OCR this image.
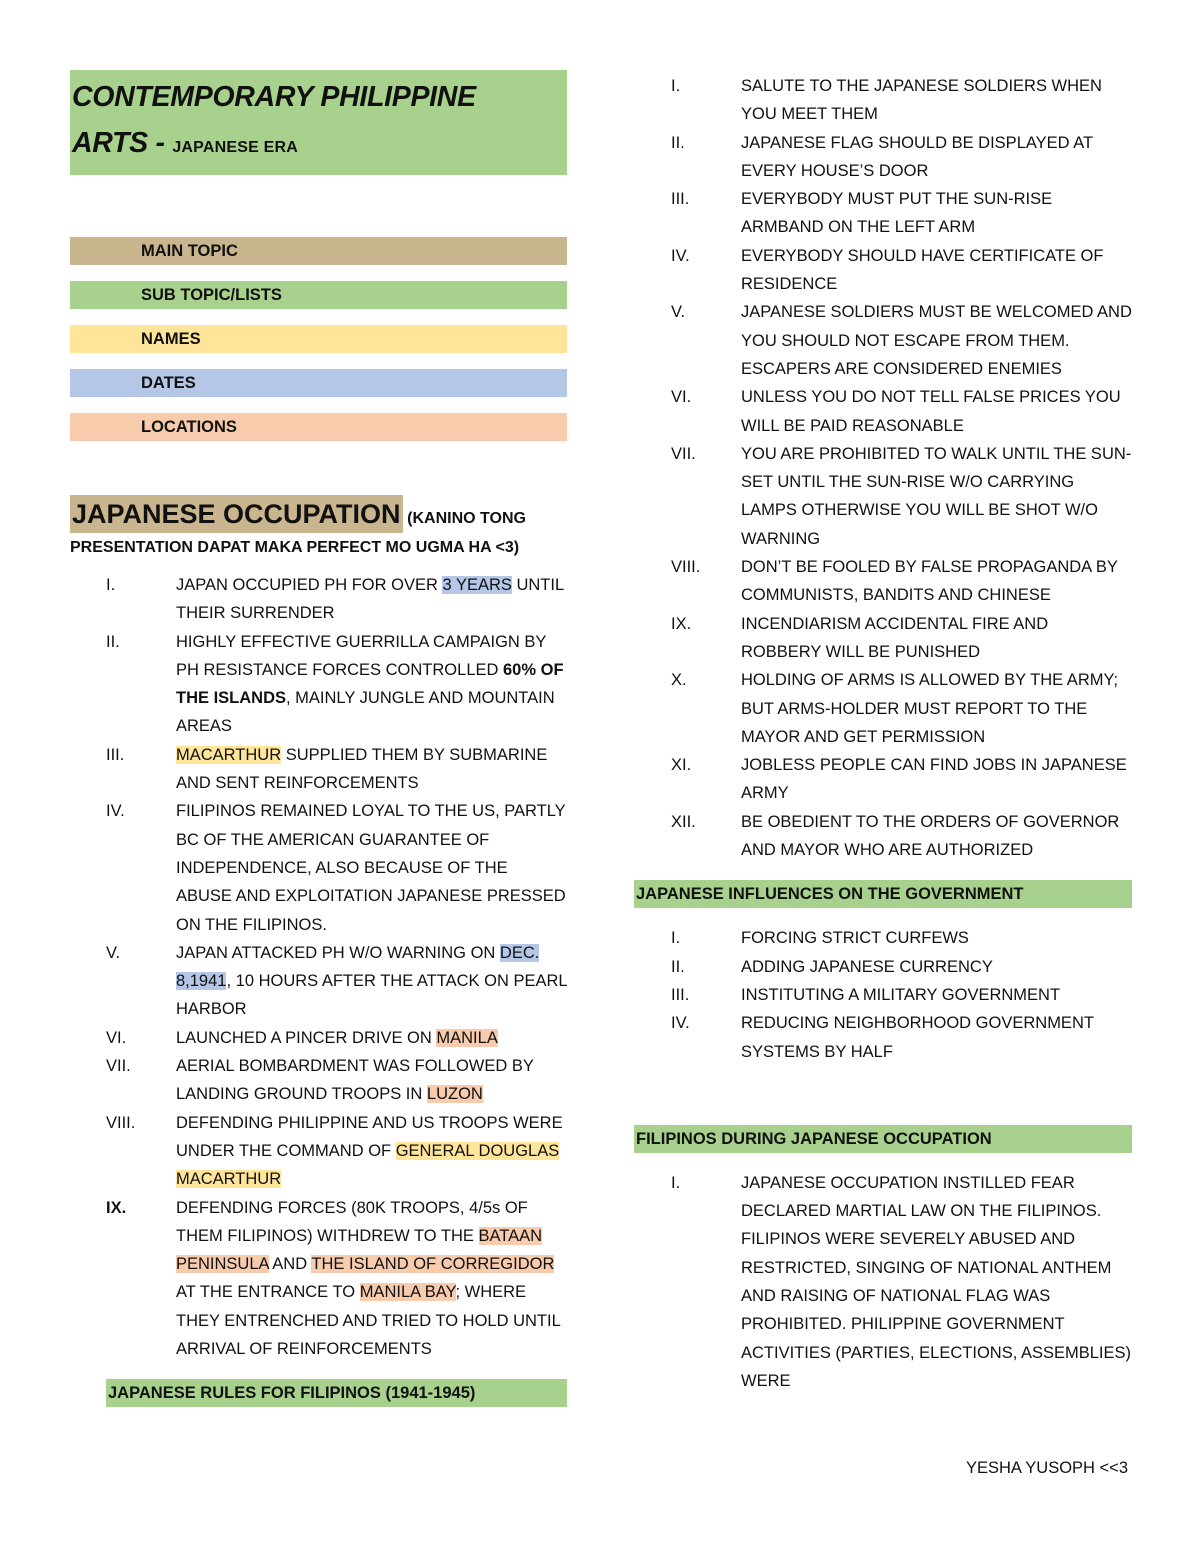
CONTEMPORARY PHILIPPINE
ARTS - JAPANESE ERA
MAIN TOPIC
SUB TOPIC/LISTS
NAMES
DATES
LOCATIONS
JAPANESE OCCUPATION (KANINO TONG
PRESENTATION DAPAT MAKA PERFECT MO UGMA HA <3)
I.	JAPAN OCCUPIED PH FOR OVER 3 YEARS UNTIL THEIR SURRENDER
II.	HIGHLY EFFECTIVE GUERRILLA CAMPAIGN BY PH RESISTANCE FORCES CONTROLLED 60% OF THE ISLANDS, MAINLY JUNGLE AND MOUNTAIN AREAS
III.	MACARTHUR SUPPLIED THEM BY SUBMARINE AND SENT REINFORCEMENTS
IV.	FILIPINOS REMAINED LOYAL TO THE US, PARTLY BC OF THE AMERICAN GUARANTEE OF INDEPENDENCE, ALSO BECAUSE OF THE ABUSE AND EXPLOITATION JAPANESE PRESSED ON THE FILIPINOS.
V.	JAPAN ATTACKED PH W/O WARNING ON DEC. 8,1941, 10 HOURS AFTER THE ATTACK ON PEARL HARBOR
VI.	LAUNCHED A PINCER DRIVE ON MANILA
VII.	AERIAL BOMBARDMENT WAS FOLLOWED BY LANDING GROUND TROOPS IN LUZON
VIII. DEFENDING PHILIPPINE AND US TROOPS WERE UNDER THE COMMAND OF GENERAL DOUGLAS MACARTHUR
IX.	DEFENDING FORCES (80K TROOPS, 4/5s OF THEM FILIPINOS) WITHDREW TO THE BATAAN PENINSULA AND THE ISLAND OF CORREGIDOR AT THE ENTRANCE TO MANILA BAY; WHERE THEY ENTRENCHED AND TRIED TO HOLD UNTIL ARRIVAL OF REINFORCEMENTS
JAPANESE RULES FOR FILIPINOS (1941-1945)
I.	SALUTE TO THE JAPANESE SOLDIERS WHEN YOU MEET THEM
II.	JAPANESE FLAG SHOULD BE DISPLAYED AT EVERY HOUSE’S DOOR
III.	EVERYBODY MUST PUT THE SUN-RISE ARMBAND ON THE LEFT ARM
IV.	EVERYBODY SHOULD HAVE CERTIFICATE OF RESIDENCE
V.	JAPANESE SOLDIERS MUST BE WELCOMED AND YOU SHOULD NOT ESCAPE FROM THEM. ESCAPERS ARE CONSIDERED ENEMIES
VI.	UNLESS YOU DO NOT TELL FALSE PRICES YOU WILL BE PAID REASONABLE
VII.	YOU ARE PROHIBITED TO WALK UNTIL THE SUN-SET UNTIL THE SUN-RISE W/O CARRYING LAMPS OTHERWISE YOU WILL BE SHOT W/O WARNING
VIII. DON’T BE FOOLED BY FALSE PROPAGANDA BY COMMUNISTS, BANDITS AND CHINESE
IX.	INCENDIARISM ACCIDENTAL FIRE AND ROBBERY WILL BE PUNISHED
X.	HOLDING OF ARMS IS ALLOWED BY THE ARMY; BUT ARMS-HOLDER MUST REPORT TO THE MAYOR AND GET PERMISSION
XI.	JOBLESS PEOPLE CAN FIND JOBS IN JAPANESE ARMY
XII.	BE OBEDIENT TO THE ORDERS OF GOVERNOR AND MAYOR WHO ARE AUTHORIZED
JAPANESE INFLUENCES ON THE GOVERNMENT
I.	FORCING STRICT CURFEWS
II.	ADDING JAPANESE CURRENCY
III.	INSTITUTING A MILITARY GOVERNMENT
IV.	REDUCING NEIGHBORHOOD GOVERNMENT SYSTEMS BY HALF
FILIPINOS DURING JAPANESE OCCUPATION
I.	JAPANESE OCCUPATION INSTILLED FEAR DECLARED MARTIAL LAW ON THE FILIPINOS. FILIPINOS WERE SEVERELY ABUSED AND RESTRICTED, SINGING OF NATIONAL ANTHEM AND RAISING OF NATIONAL FLAG WAS PROHIBITED. PHILIPPINE GOVERNMENT ACTIVITIES (PARTIES, ELECTIONS, ASSEMBLIES) WERE
YESHA YUSOPH <<3
